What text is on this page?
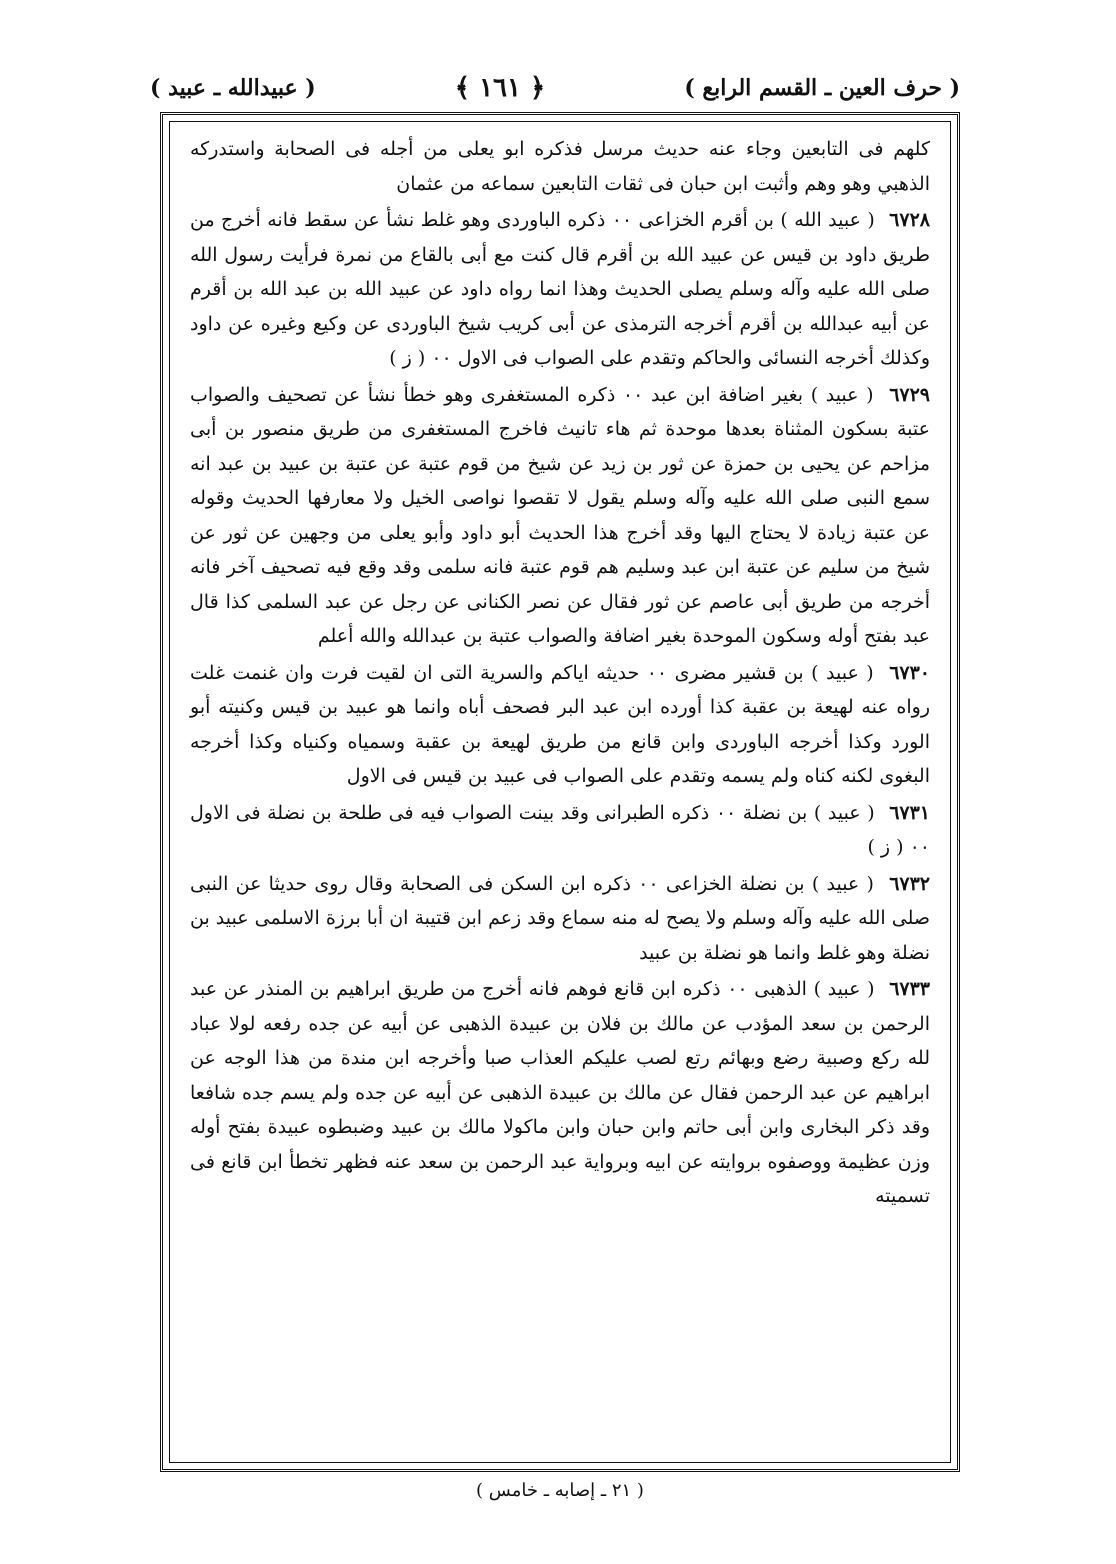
( حرف العين ـ القسم الرابع )
﴿ ١٦١ ﴾
( عبيدالله ـ عبيد )

كلهم فى التابعين وجاء عنه حديث مرسل فذكره ابو يعلى من أجله فى الصحابة واستدركه الذهبي وهو وهم وأثبت ابن حبان فى ثقات التابعين سماعه من عثمان

٦٧٢٨ ( عبيد الله ) بن أقرم الخزاعى ٠٠ ذكره الباوردى وهو غلط نشأ عن سقط فانه أخرج من طريق داود بن قيس عن عبيد الله بن أقرم قال كنت مع أبى بالقاع من نمرة فرأيت رسول الله صلى الله عليه وآله وسلم يصلى الحديث وهذا انما رواه داود عن عبيد الله بن عبد الله بن أقرم عن أبيه عبدالله بن أقرم أخرجه الترمذى عن أبى كريب شيخ الباوردى عن وكيع وغيره عن داود وكذلك أخرجه النسائى والحاكم وتقدم على الصواب فى الاول ٠٠ ( ز )

٦٧٢٩ ( عبيد ) بغير اضافة ابن عبد ٠٠ ذكره المستغفرى وهو خطأ نشأ عن تصحيف والصواب عتبة بسكون المثناة بعدها موحدة ثم هاء تانيث فاخرج المستغفرى من طريق منصور بن أبى مزاحم عن يحيى بن حمزة عن ثور بن زيد عن شيخ من قوم عتبة عن عتبة بن عبيد بن عبد انه سمع النبى صلى الله عليه وآله وسلم يقول لا تقصوا نواصى الخيل ولا معارفها الحديث وقوله عن عتبة زيادة لا يحتاج اليها وقد أخرج هذا الحديث أبو داود وأبو يعلى من وجهين عن ثور عن شيخ من سليم عن عتبة ابن عبد وسليم هم قوم عتبة فانه سلمى وقد وقع فيه تصحيف آخر فانه أخرجه من طريق أبى عاصم عن ثور فقال عن نصر الكنانى عن رجل عن عبد السلمى كذا قال عبد بفتح أوله وسكون الموحدة بغير اضافة والصواب عتبة بن عبدالله والله أعلم

٦٧٣٠ ( عبيد ) بن قشير مضرى ٠٠ حديثه اياكم والسرية التى ان لقيت فرت وان غنمت غلت رواه عنه لهيعة بن عقبة كذا أورده ابن عبد البر فصحف أباه وانما هو عبيد بن قيس وكنيته أبو الورد وكذا أخرجه الباوردى وابن قانع من طريق لهيعة بن عقبة وسمياه وكنياه وكذا أخرجه البغوى لكنه كناه ولم يسمه وتقدم على الصواب فى عبيد بن قيس فى الاول

٦٧٣١ ( عبيد ) بن نضلة ٠٠ ذكره الطبرانى وقد بينت الصواب فيه فى طلحة بن نضلة فى الاول ٠٠ ( ز )

٦٧٣٢ ( عبيد ) بن نضلة الخزاعى ٠٠ ذكره ابن السكن فى الصحابة وقال روى حديثا عن النبى صلى الله عليه وآله وسلم ولا يصح له منه سماع وقد زعم ابن قتيبة ان أبا برزة الاسلمى عبيد بن نضلة وهو غلط وانما هو نضلة بن عبيد

٦٧٣٣ ( عبيد ) الذهبى ٠٠ ذكره ابن قانع فوهم فانه أخرج من طريق ابراهيم بن المنذر عن عبد الرحمن بن سعد المؤدب عن مالك بن فلان بن عبيدة الذهبى عن أبيه عن جده رفعه لولا عباد لله ركع وصبية رضع وبهائم رتع لصب عليكم العذاب صبا وأخرجه ابن مندة من هذا الوجه عن ابراهيم عن عبد الرحمن فقال عن مالك بن عبيدة الذهبى عن أبيه عن جده ولم يسم جده شافعا وقد ذكر البخارى وابن أبى حاتم وابن حبان وابن ماكولا مالك بن عبيد وضبطوه عبيدة بفتح أوله وزن عظيمة ووصفوه بروايته عن ابيه وبرواية عبد الرحمن بن سعد عنه فظهر تخطأ ابن قانع فى تسميته

( ٢١ ـ إصابه ـ خامس )
